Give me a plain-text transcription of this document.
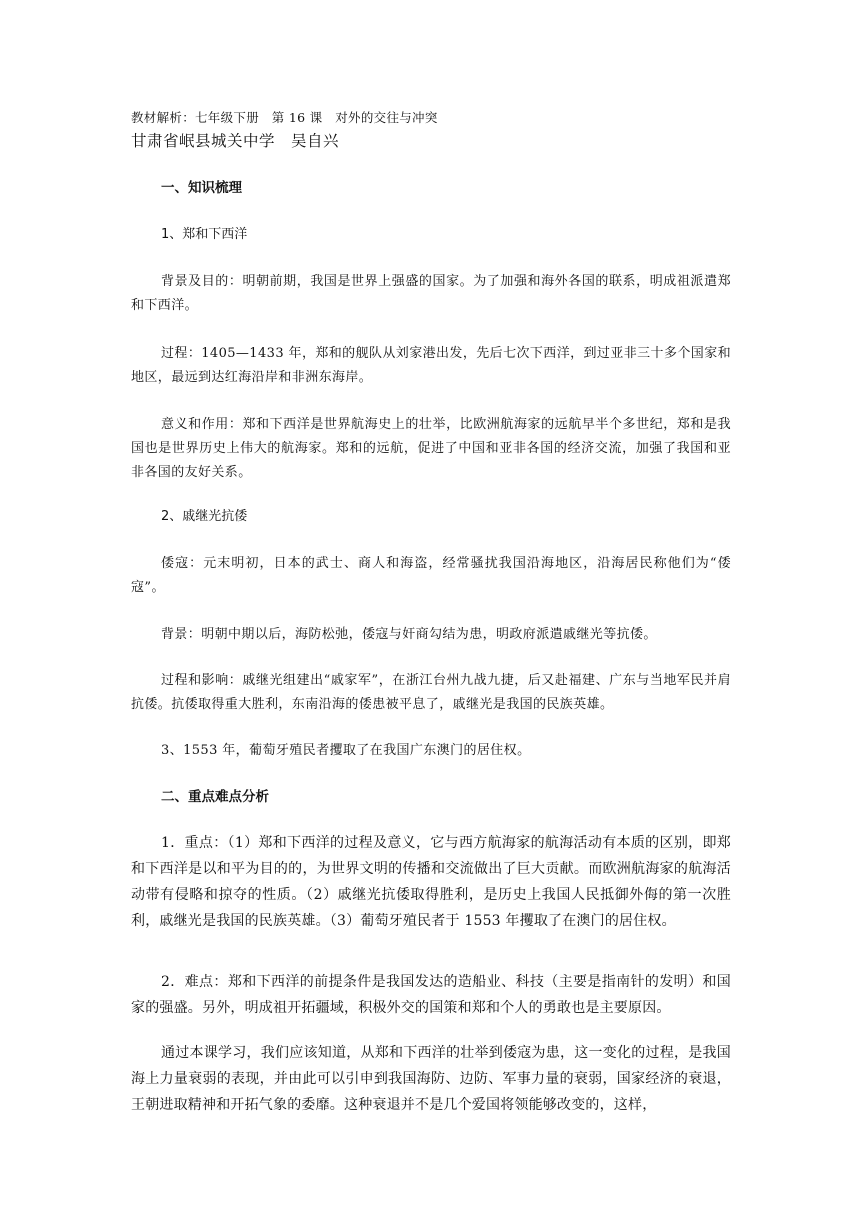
教材解析：七年级下册　第 16 课　对外的交往与冲突

甘肃省岷县城关中学　吴自兴

一、知识梳理

1、郑和下西洋

背景及目的：明朝前期，我国是世界上强盛的国家。为了加强和海外各国的联系，明成祖派遣郑和下西洋。

过程：1405—1433 年，郑和的舰队从刘家港出发，先后七次下西洋，到过亚非三十多个国家和地区，最远到达红海沿岸和非洲东海岸。

意义和作用：郑和下西洋是世界航海史上的壮举，比欧洲航海家的远航早半个多世纪，郑和是我国也是世界历史上伟大的航海家。郑和的远航，促进了中国和亚非各国的经济交流，加强了我国和亚非各国的友好关系。

2、戚继光抗倭

倭寇：元末明初，日本的武士、商人和海盗，经常骚扰我国沿海地区，沿海居民称他们为“倭寇”。

背景：明朝中期以后，海防松弛，倭寇与奸商勾结为患，明政府派遣戚继光等抗倭。

过程和影响：戚继光组建出“戚家军”，在浙江台州九战九捷，后又赴福建、广东与当地军民并肩抗倭。抗倭取得重大胜利，东南沿海的倭患被平息了，戚继光是我国的民族英雄。

3、1553 年，葡萄牙殖民者攫取了在我国广东澳门的居住权。

二、重点难点分析

1．重点：（1）郑和下西洋的过程及意义，它与西方航海家的航海活动有本质的区别，即郑和下西洋是以和平为目的的，为世界文明的传播和交流做出了巨大贡献。而欧洲航海家的航海活动带有侵略和掠夺的性质。（2）戚继光抗倭取得胜利，是历史上我国人民抵御外侮的第一次胜利，戚继光是我国的民族英雄。（3）葡萄牙殖民者于 1553 年攫取了在澳门的居住权。

2．难点：郑和下西洋的前提条件是我国发达的造船业、科技（主要是指南针的发明）和国家的强盛。另外，明成祖开拓疆域，积极外交的国策和郑和个人的勇敢也是主要原因。

通过本课学习，我们应该知道，从郑和下西洋的壮举到倭寇为患，这一变化的过程，是我国海上力量衰弱的表现，并由此可以引申到我国海防、边防、军事力量的衰弱，国家经济的衰退，王朝进取精神和开拓气象的委靡。这种衰退并不是几个爱国将领能够改变的，这样，
